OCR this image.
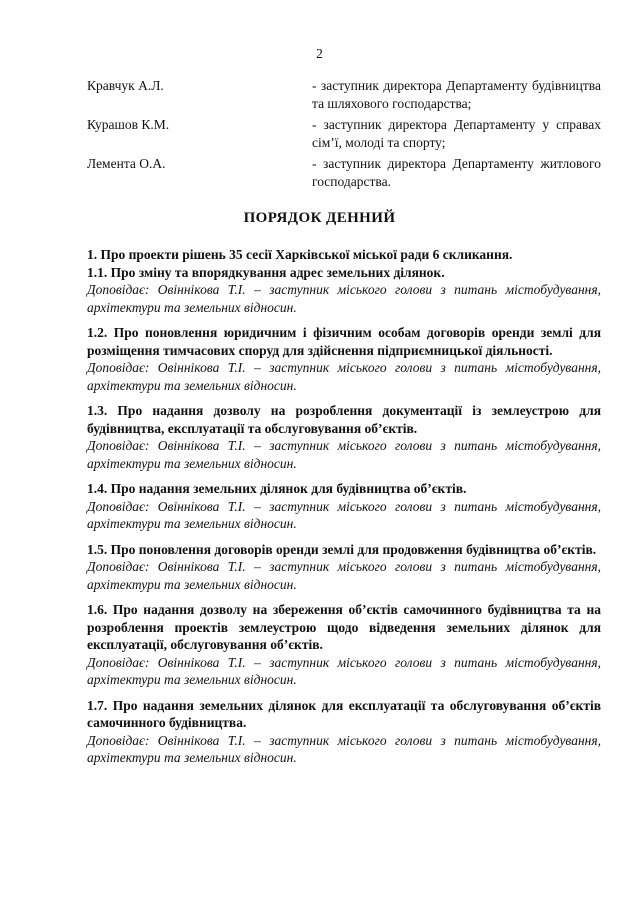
2
Кравчук А.Л.	- заступник директора Департаменту будівництва та шляхового господарства;
Курашов К.М.	- заступник директора Департаменту у справах сім’ї, молоді та спорту;
Лемента О.А.	- заступник директора Департаменту житлового господарства.
ПОРЯДОК ДЕННИЙ
1. Про проекти рішень 35 сесії Харківської міської ради 6 скликання.
1.1. Про зміну та впорядкування адрес земельних ділянок.
Доповідає: Овіннікова Т.І. – заступник міського голови з питань містобудування, архітектури та земельних відносин.
1.2. Про поновлення юридичним і фізичним особам договорів оренди землі для розміщення тимчасових споруд для здійснення підприємницької діяльності.
Доповідає: Овіннікова Т.І. – заступник міського голови з питань містобудування, архітектури та земельних відносин.
1.3. Про надання дозволу на розроблення документації із землеустрою для будівництва, експлуатації та обслуговування об’єктів.
Доповідає: Овіннікова Т.І. – заступник міського голови з питань містобудування, архітектури та земельних відносин.
1.4. Про надання земельних ділянок для будівництва об’єктів.
Доповідає: Овіннікова Т.І. – заступник міського голови з питань містобудування, архітектури та земельних відносин.
1.5. Про поновлення договорів оренди землі для продовження будівництва об’єктів.
Доповідає: Овіннікова Т.І. – заступник міського голови з питань містобудування, архітектури та земельних відносин.
1.6. Про надання дозволу на збереження об’єктів самочинного будівництва та на розроблення проектів землеустрою щодо відведення земельних ділянок для експлуатації, обслуговування об’єктів.
Доповідає: Овіннікова Т.І. – заступник міського голови з питань містобудування, архітектури та земельних відносин.
1.7. Про надання земельних ділянок для експлуатації та обслуговування об’єктів самочинного будівництва.
Доповідає: Овіннікова Т.І. – заступник міського голови з питань містобудування, архітектури та земельних відносин.
